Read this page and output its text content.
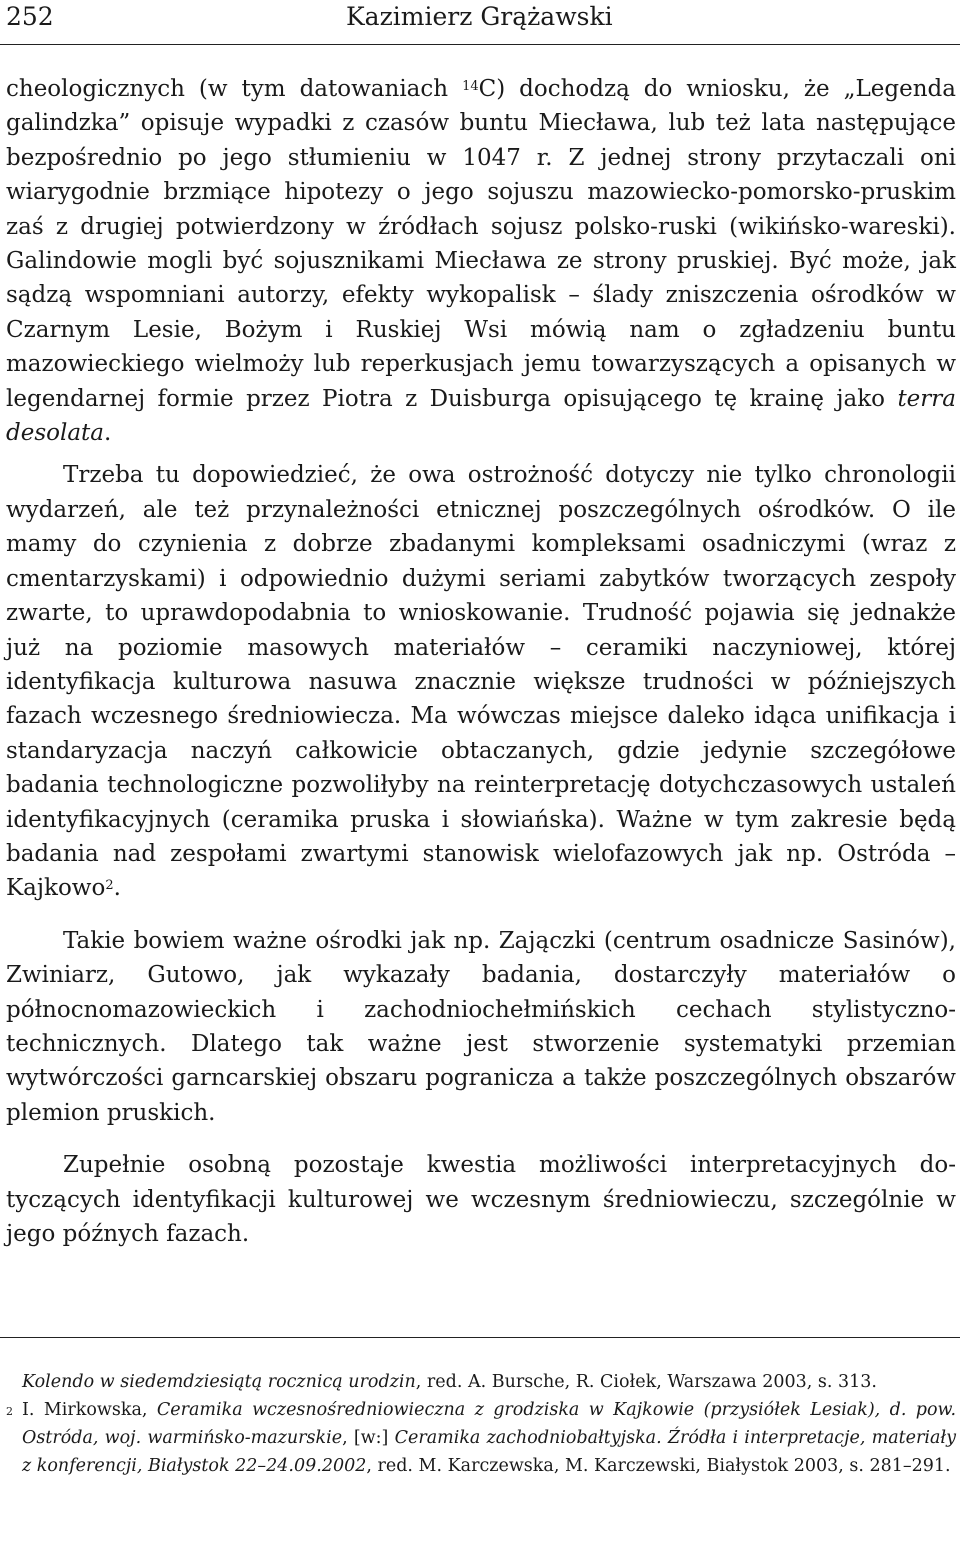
252	Kazimierz Grążawski

cheologicznych (w tym datowaniach $^{14}$C) dochodzą do wniosku, że „Legenda galindzka” opisuje wypadki z czasów buntu Miecława, lub też lata następujące bezpośrednio po jego stłumieniu w 1047 r. Z jednej strony przytaczali oni wiarygodnie brzmiące hipotezy o jego sojuszu mazowiecko-pomorsko-pruskim zaś z drugiej potwierdzony w źródłach sojusz polsko-ruski (wikińsko-wareski). Galindowie mogli być sojusznikami Miecława ze strony pruskiej. Być może, jak sądzą wspomniani autorzy, efekty wykopalisk – ślady zniszczenia ośrodków w Czarnym Lesie, Bożym i Ruskiej Wsi mówią nam o zgładzeniu buntu mazowieckiego wielmoży lub reperkusjach jemu towarzyszących a opisanych w legendarnej formie przez Piotra z Duisburga opisującego tę krainę jako terra desolata.

Trzeba tu dopowiedzieć, że owa ostrożność dotyczy nie tylko chronologii wydarzeń, ale też przynależności etnicznej poszczególnych ośrodków. O ile mamy do czynienia z dobrze zbadanymi kompleksami osadniczymi (wraz z cmentarzyskami) i odpowiednio dużymi seriami zabytków tworzących zespoły zwarte, to uprawdopodabnia to wnioskowanie. Trudność pojawia się jednakże już na poziomie masowych materiałów – ceramiki naczyniowej, której identyfikacja kulturowa nasuwa znacznie większe trudności w późniejszych fazach wczesnego średniowiecza. Ma wówczas miejsce daleko idąca unifikacja i standaryzacja naczyń całkowicie obtaczanych, gdzie jedynie szczegółowe badania technologiczne pozwoliłyby na reinterpretację dotychczasowych ustaleń identyfikacyjnych (ceramika pruska i słowiańska). Ważne w tym zakresie będą badania nad zespołami zwartymi stanowisk wielofazowych jak np. Ostróda – Kajkowo$^2$.

Takie bowiem ważne ośrodki jak np. Zajączki (centrum osadnicze Sasinów), Zwiniarz, Gutowo, jak wykazały badania, dostarczyły materiałów o północnomazowieckich i zachodniochełmińskich cechach stylistyczno-technicznych. Dlatego tak ważne jest stworzenie systematyki przemian wytwórczości garncarskiej obszaru pogranicza a także poszczególnych obszarów plemion pruskich.

Zupełnie osobną pozostaje kwestia możliwości interpretacyjnych dotyczących identyfikacji kulturowej we wczesnym średniowieczu, szczególnie w jego późnych fazach.

Kolendo w siedemdziesiątą rocznicą urodzin, red. A. Bursche, R. Ciołek, Warszawa 2003, s. 313.

2 I. Mirkowska, Ceramika wczesnośredniowieczna z grodziska w Kajkowie (przysiółek Lesiak), d. pow. Ostróda, woj. warmińsko-mazurskie, [w:] Ceramika zachodniobałtyjska. Źródła i interpretacje, materiały z konferencji, Białystok 22–24.09.2002, red. M. Karczewska, M. Karczewski, Białystok 2003, s. 281–291.
